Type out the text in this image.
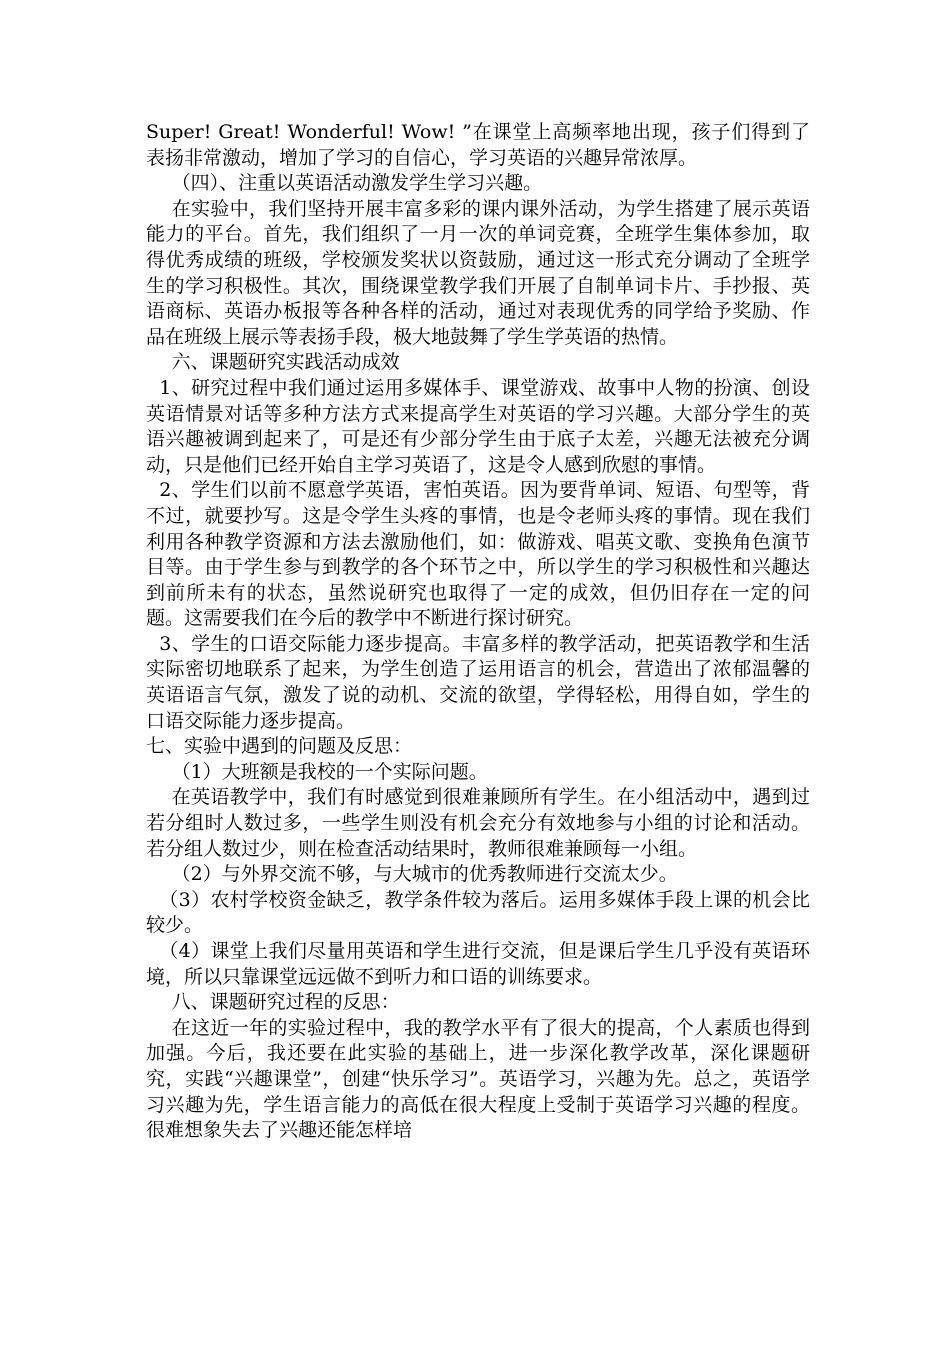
Super! Great! Wonderful! Wow! ”在课堂上高频率地出现，孩子们得到了表扬非常激动，增加了学习的自信心，学习英语的兴趣异常浓厚。

（四）、注重以英语活动激发学生学习兴趣。

在实验中，我们坚持开展丰富多彩的课内课外活动，为学生搭建了展示英语能力的平台。首先，我们组织了一月一次的单词竞赛，全班学生集体参加，取得优秀成绩的班级，学校颁发奖状以资鼓励，通过这一形式充分调动了全班学生的学习积极性。其次，围绕课堂教学我们开展了自制单词卡片、手抄报、英语商标、英语办板报等各种各样的活动，通过对表现优秀的同学给予奖励、作品在班级上展示等表扬手段，极大地鼓舞了学生学英语的热情。

六、课题研究实践活动成效

1、研究过程中我们通过运用多媒体手、课堂游戏、故事中人物的扮演、创设英语情景对话等多种方法方式来提高学生对英语的学习兴趣。大部分学生的英语兴趣被调到起来了，可是还有少部分学生由于底子太差，兴趣无法被充分调动，只是他们已经开始自主学习英语了，这是令人感到欣慰的事情。

2、学生们以前不愿意学英语，害怕英语。因为要背单词、短语、句型等，背不过，就要抄写。这是令学生头疼的事情，也是令老师头疼的事情。现在我们利用各种教学资源和方法去激励他们，如：做游戏、唱英文歌、变换角色演节目等。由于学生参与到教学的各个环节之中，所以学生的学习积极性和兴趣达到前所未有的状态，虽然说研究也取得了一定的成效，但仍旧存在一定的问题。这需要我们在今后的教学中不断进行探讨研究。

3、学生的口语交际能力逐步提高。丰富多样的教学活动，把英语教学和生活实际密切地联系了起来，为学生创造了运用语言的机会，营造出了浓郁温馨的英语语言气氛，激发了说的动机、交流的欲望，学得轻松，用得自如，学生的口语交际能力逐步提高。

七、实验中遇到的问题及反思：

（1）大班额是我校的一个实际问题。

在英语教学中，我们有时感觉到很难兼顾所有学生。在小组活动中，遇到过若分组时人数过多，一些学生则没有机会充分有效地参与小组的讨论和活动。若分组人数过少，则在检查活动结果时，教师很难兼顾每一小组。

（2）与外界交流不够，与大城市的优秀教师进行交流太少。

（3）农村学校资金缺乏，教学条件较为落后。运用多媒体手段上课的机会比较少。

（4）课堂上我们尽量用英语和学生进行交流，但是课后学生几乎没有英语环境，所以只靠课堂远远做不到听力和口语的训练要求。

八、课题研究过程的反思：

在这近一年的实验过程中，我的教学水平有了很大的提高，个人素质也得到加强。今后，我还要在此实验的基础上，进一步深化教学改革，深化课题研究，实践“兴趣课堂”，创建“快乐学习”。英语学习，兴趣为先。总之，英语学习兴趣为先，学生语言能力的高低在很大程度上受制于英语学习兴趣的程度。很难想象失去了兴趣还能怎样培
